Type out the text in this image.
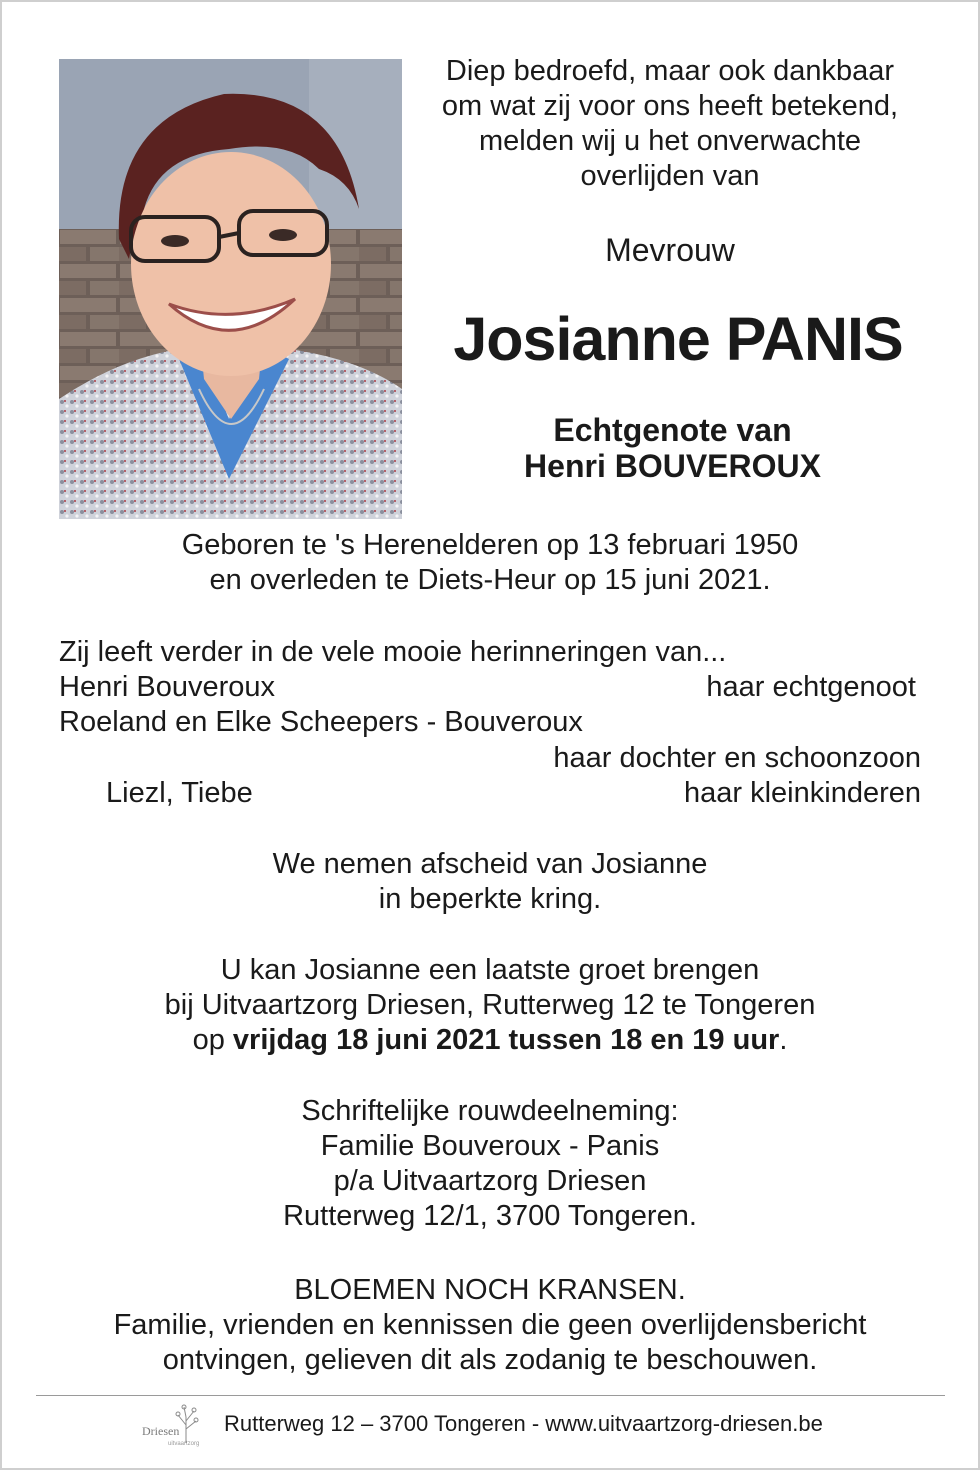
Diep bedroefd, maar ook dankbaar
om wat zij voor ons heeft betekend,
melden wij u het onverwachte
overlijden van
Mevrouw
Josianne PANIS
Echtgenote van
Henri BOUVEROUX
Geboren te 's Herenelderen op 13 februari 1950
en overleden te Diets-Heur op 15 juni 2021.
Zij leeft verder in de vele mooie herinneringen van...
Henri Bouveroux	haar echtgenoot
Roeland en Elke Scheepers - Bouveroux
haar dochter en schoonzoon
Liezl, Tiebe	haar kleinkinderen
We nemen afscheid van Josianne
in beperkte kring.
U kan Josianne een laatste groet brengen
bij Uitvaartzorg Driesen, Rutterweg 12 te Tongeren
op vrijdag 18 juni 2021 tussen 18 en 19 uur.
Schriftelijke rouwdeelneming:
Familie Bouveroux - Panis
p/a Uitvaartzorg Driesen
Rutterweg 12/1, 3700 Tongeren.
BLOEMEN NOCH KRANSEN.
Familie, vrienden en kennissen die geen overlijdensbericht
ontvingen, gelieven dit als zodanig te beschouwen.
Driesen
uitvaartzorg
Rutterweg 12 – 3700 Tongeren - www.uitvaartzorg-driesen.be
